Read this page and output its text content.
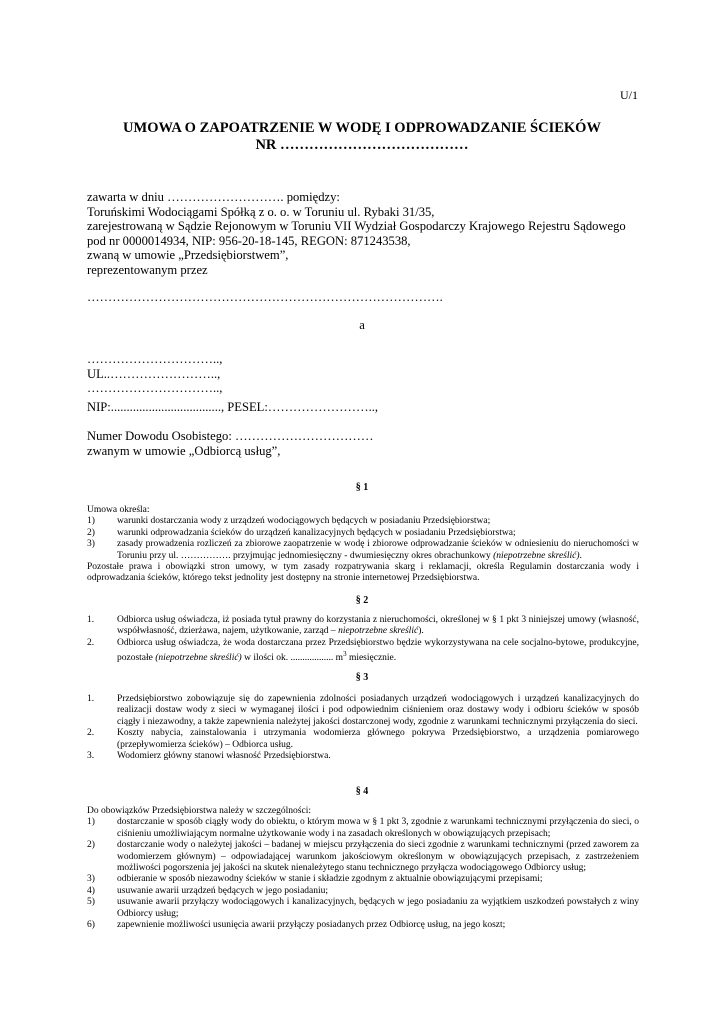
U/1
UMOWA O ZAPOATRZENIE W WODĘ I ODPROWADZANIE ŚCIEKÓW
NR …………………………………
zawarta w dniu ………………………. pomiędzy:
Toruńskimi Wodociągami Spółką z o. o. w Toruniu ul. Rybaki 31/35,
zarejestrowaną w Sądzie Rejonowym w Toruniu VII Wydział Gospodarczy Krajowego Rejestru Sądowego
pod nr 0000014934, NIP: 956-20-18-145, REGON: 871243538,
zwaną w umowie „Przedsiębiorstwem”,
reprezentowanym przez
………………………………………………………………………….
a
…………………………..,
UL..……………………..,
…………………………..,
NIP:..................................., PESEL:……………………..,
Numer Dowodu Osobistego: ……………………………
zwanym w umowie „Odbiorcą usług”,
§ 1
Umowa określa:
1) warunki dostarczania wody z urządzeń wodociągowych będących w posiadaniu Przedsiębiorstwa;
2) warunki odprowadzania ścieków do urządzeń kanalizacyjnych będących w posiadaniu Przedsiębiorstwa;
3) zasady prowadzenia rozliczeń za zbiorowe zaopatrzenie w wodę i zbiorowe odprowadzanie ścieków w odniesieniu do nieruchomości w Toruniu przy ul. ……………. przyjmując jednomiesięczny - dwumiesięczny okres obrachunkowy (niepotrzebne skreślić).
Pozostałe prawa i obowiązki stron umowy, w tym zasady rozpatrywania skarg i reklamacji, określa Regulamin dostarczania wody i odprowadzania ścieków, którego tekst jednolity jest dostępny na stronie internetowej Przedsiębiorstwa.
§ 2
1. Odbiorca usług oświadcza, iż posiada tytuł prawny do korzystania z nieruchomości, określonej w § 1 pkt 3 niniejszej umowy (własność, współwłasność, dzierżawa, najem, użytkowanie, zarząd – niepotrzebne skreślić).
2. Odbiorca usług oświadcza, że woda dostarczana przez Przedsiębiorstwo będzie wykorzystywana na cele socjalno-bytowe, produkcyjne, pozostałe (niepotrzebne skreślić) w ilości ok. .................. $m^3$ miesięcznie.
§ 3
1. Przedsiębiorstwo zobowiązuje się do zapewnienia zdolności posiadanych urządzeń wodociągowych i urządzeń kanalizacyjnych do realizacji dostaw wody z sieci w wymaganej ilości i pod odpowiednim ciśnieniem oraz dostawy wody i odbioru ścieków w sposób ciągły i niezawodny, a także zapewnienia należytej jakości dostarczonej wody, zgodnie z warunkami technicznymi przyłączenia do sieci.
2. Koszty nabycia, zainstalowania i utrzymania wodomierza głównego pokrywa Przedsiębiorstwo, a urządzenia pomiarowego (przepływomierza ścieków) – Odbiorca usług.
3. Wodomierz główny stanowi własność Przedsiębiorstwa.
§ 4
Do obowiązków Przedsiębiorstwa należy w szczególności:
1) dostarczanie w sposób ciągły wody do obiektu, o którym mowa w § 1 pkt 3, zgodnie z warunkami technicznymi przyłączenia do sieci, o ciśnieniu umożliwiającym normalne użytkowanie wody i na zasadach określonych w obowiązujących przepisach;
2) dostarczanie wody o należytej jakości – badanej w miejscu przyłączenia do sieci zgodnie z warunkami technicznymi (przed zaworem za wodomierzem głównym) – odpowiadającej warunkom jakościowym określonym w obowiązujących przepisach, z zastrzeżeniem możliwości pogorszenia jej jakości na skutek nienależytego stanu technicznego przyłącza wodociągowego Odbiorcy usług;
3) odbieranie w sposób niezawodny ścieków w stanie i składzie zgodnym z aktualnie obowiązującymi przepisami;
4) usuwanie awarii urządzeń będących w jego posiadaniu;
5) usuwanie awarii przyłączy wodociągowych i kanalizacyjnych, będących w jego posiadaniu za wyjątkiem uszkodzeń powstałych z winy Odbiorcy usług;
6) zapewnienie możliwości usunięcia awarii przyłączy posiadanych przez Odbiorcę usług, na jego koszt;
